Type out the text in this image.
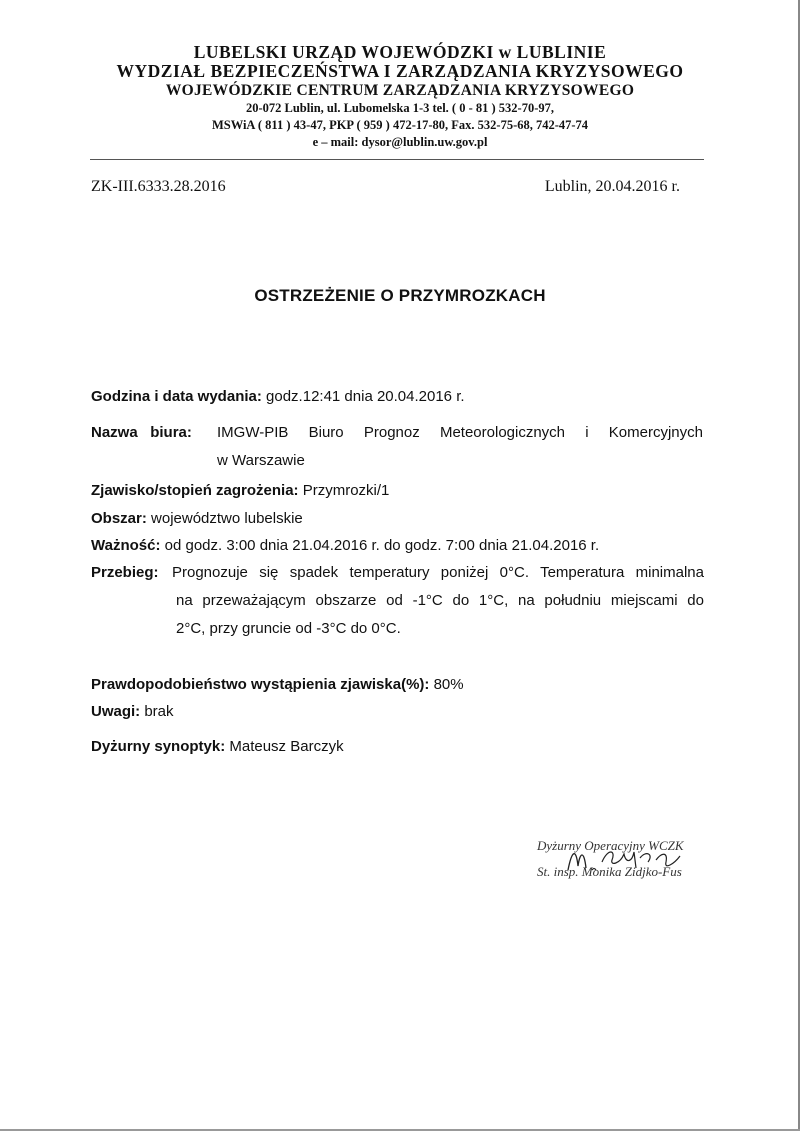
LUBELSKI URZĄD WOJEWÓDZKI w LUBLINIE
WYDZIAŁ BEZPIECZEŃSTWA I ZARZĄDZANIA KRYZYSOWEGO
WOJEWÓDZKIE CENTRUM ZARZĄDZANIA KRYZYSOWEGO
20-072 Lublin, ul. Lubomelska 1-3 tel. ( 0 - 81 ) 532-70-97,
MSWiA ( 811 ) 43-47, PKP ( 959 ) 472-17-80, Fax. 532-75-68, 742-47-74
e – mail: dysor@lublin.uw.gov.pl
ZK-III.6333.28.2016	Lublin, 20.04.2016 r.
OSTRZEŻENIE O PRZYMROZKACH
Godzina i data wydania: godz.12:41 dnia 20.04.2016 r.
Nazwa biura: IMGW-PIB Biuro Prognoz Meteorologicznych i Komercyjnych
w Warszawie
Zjawisko/stopień zagrożenia: Przymrozki/1
Obszar: województwo lubelskie
Ważność: od godz. 3:00 dnia 21.04.2016 r. do godz. 7:00 dnia 21.04.2016 r.
Przebieg: Prognozuje się spadek temperatury poniżej 0°C. Temperatura minimalna
na przeważającym obszarze od -1°C do 1°C, na południu miejscami do
2°C, przy gruncie od -3°C do 0°C.
Prawdopodobieństwo wystąpienia zjawiska(%): 80%
Uwagi: brak
Dyżurny synoptyk: Mateusz Barczyk
Dyżurny Operacyjny WCZK
St. insp. Monika Zidjko-Fus
